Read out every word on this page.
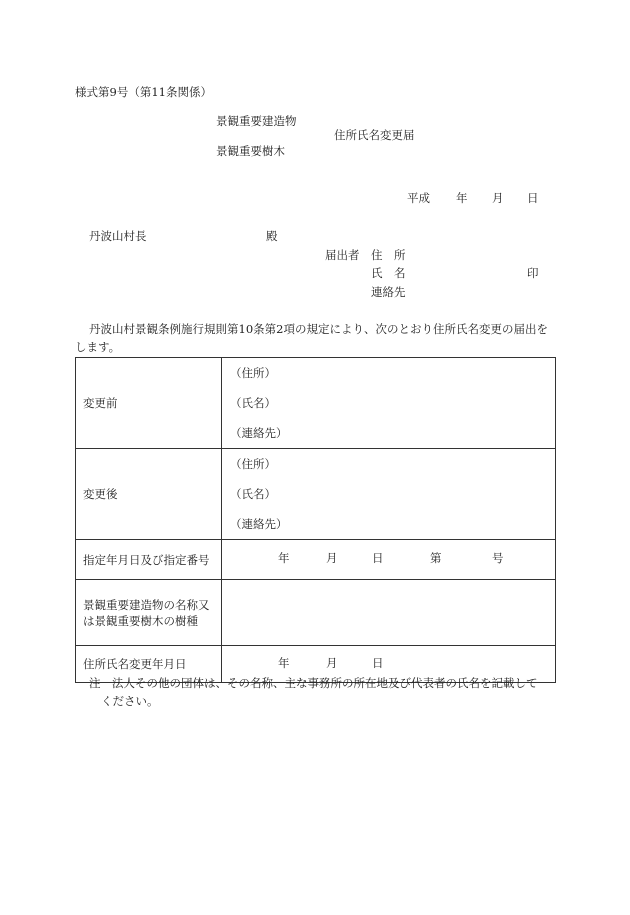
様式第9号（第11条関係）
景観重要建造物
住所氏名変更届
景観重要樹木
平成 年 月 日
丹波山村長	殿
届出者 住　所
氏　名	印
連絡先
丹波山村景観条例施行規則第10条第2項の規定により、次のとおり住所氏名変更の届出を
します。
変更前	（住所）
（氏名）
（連絡先）

変更後	（住所）
（氏名）
（連絡先）

指定年月日及び指定番号	年 月 日 第 号

景観重要建造物の名称又
は景観重要樹木の樹種	

住所氏名変更年月日	年 月 日
注　法人その他の団体は、その名称、主な事務所の所在地及び代表者の氏名を記載して
ください。
